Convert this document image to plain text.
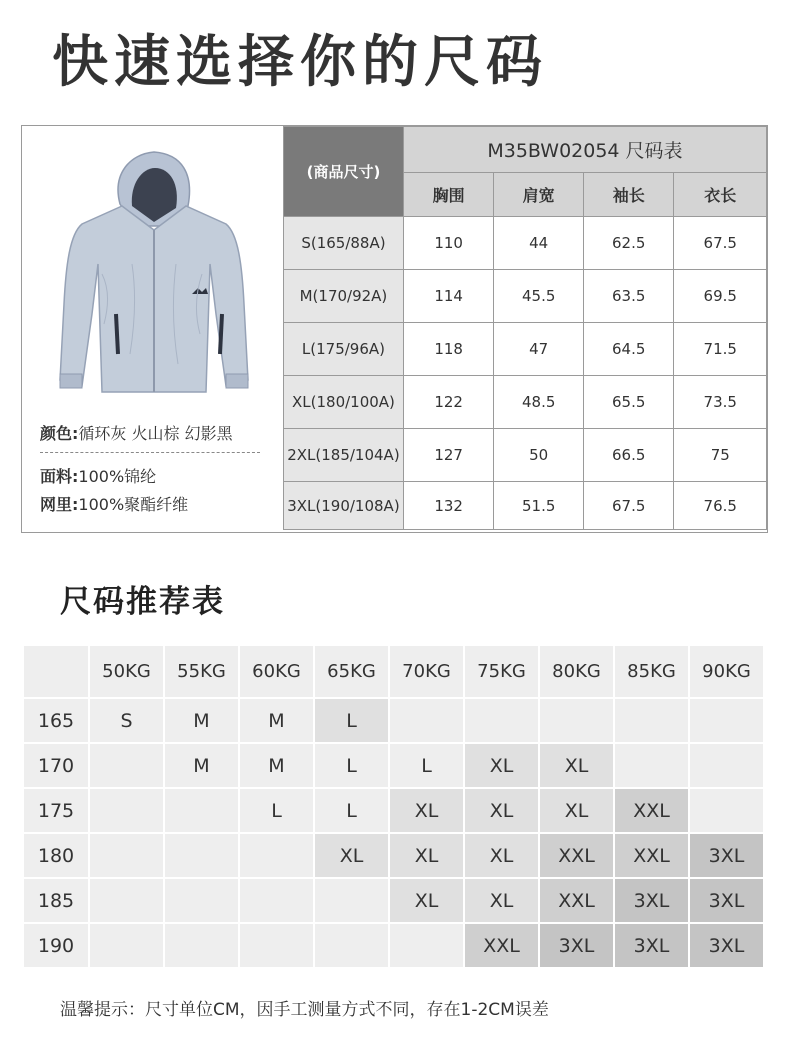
快速选择你的尺码
颜色:循环灰 火山棕 幻影黑
面料:100%锦纶
网里:100%聚酯纤维
(商品尺寸)	M35BW02054 尺码表			
	胸围	肩宽	袖长	衣长
S(165/88A)	110	44	62.5	67.5
M(170/92A)	114	45.5	63.5	69.5
L(175/96A)	118	47	64.5	71.5
XL(180/100A)	122	48.5	65.5	73.5
2XL(185/104A)	127	50	66.5	75
3XL(190/108A)	132	51.5	67.5	76.5
尺码推荐表
	50KG	55KG	60KG	65KG	70KG	75KG	80KG	85KG	90KG
165	S	M	M	L					
170		M	M	L	L	XL	XL		
175			L	L	XL	XL	XL	XXL	
180				XL	XL	XL	XXL	XXL	3XL
185					XL	XL	XXL	3XL	3XL
190						XXL	3XL	3XL	3XL
温馨提示：尺寸单位CM，因手工测量方式不同，存在1-2CM误差
